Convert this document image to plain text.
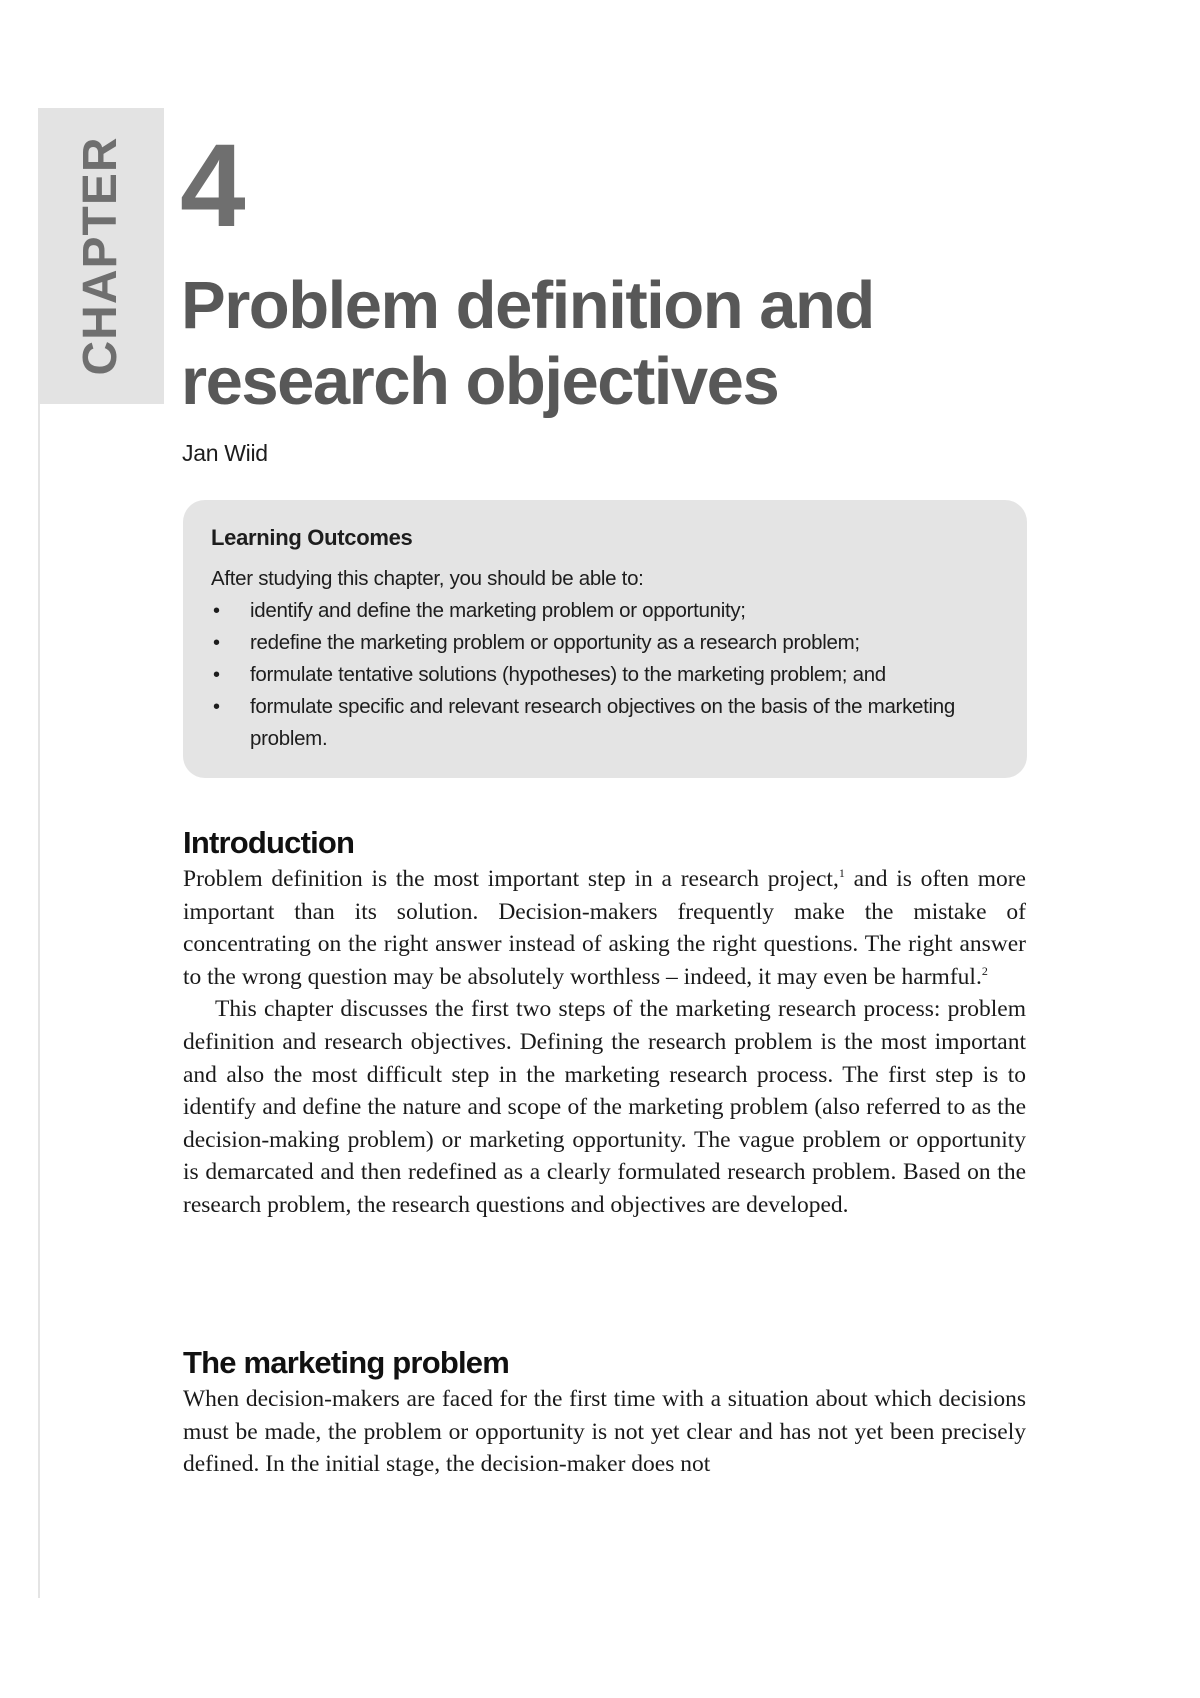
CHAPTER 4
Problem definition and
research objectives
Jan Wiid
Learning Outcomes

After studying this chapter, you should be able to:

• identify and define the marketing problem or opportunity;
• redefine the marketing problem or opportunity as a research problem;
• formulate tentative solutions (hypotheses) to the marketing problem; and
• formulate specific and relevant research objectives on the basis of the marketing problem.
Introduction

Problem definition is the most important step in a research project,$^1$ and is often more important than its solution. Decision-makers frequently make the mistake of concentrating on the right answer instead of asking the right questions. The right answer to the wrong question may be absolutely worthless – indeed, it may even be harmful.$^2$

This chapter discusses the first two steps of the marketing research process: problem definition and research objectives. Defining the research problem is the most important and also the most difficult step in the marketing research process. The first step is to identify and define the nature and scope of the marketing problem (also referred to as the decision-making problem) or marketing opportunity. The vague problem or opportunity is demarcated and then redefined as a clearly formulated research problem. Based on the research problem, the research questions and objectives are developed.

The marketing problem

When decision-makers are faced for the first time with a situation about which decisions must be made, the problem or opportunity is not yet clear and has not yet been precisely defined. In the initial stage, the decision-maker does not
